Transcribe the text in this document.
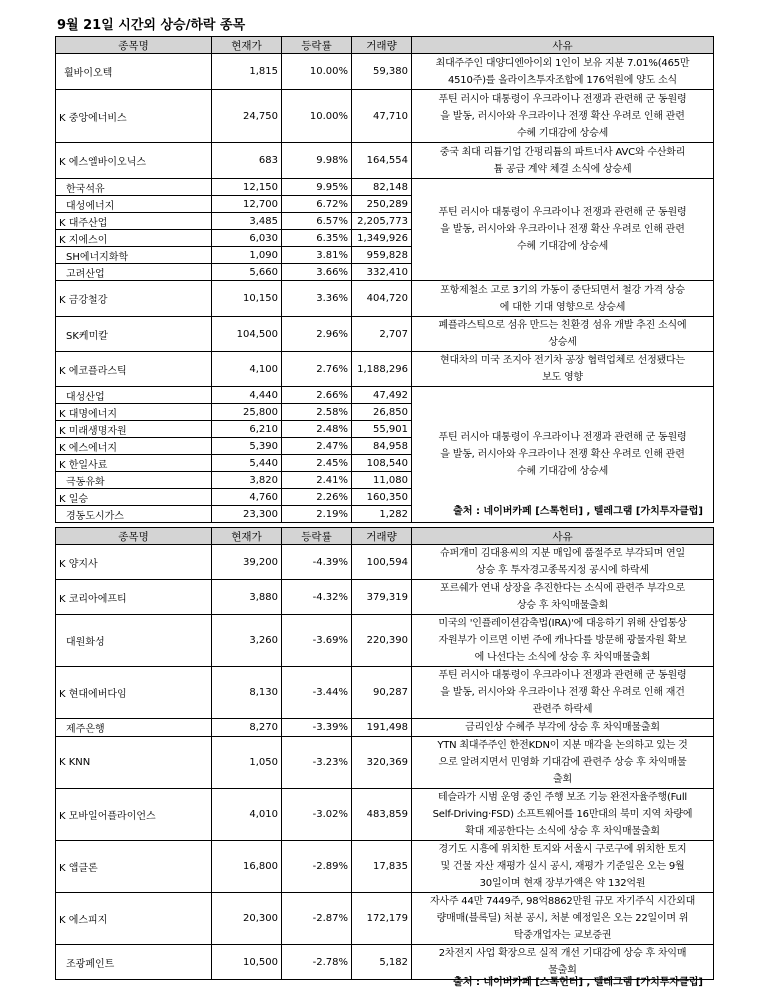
9월 21일 시간외 상승/하락 종목
종목명	현재가	등락률	거래량	사유
휠바이오텍	1,815	10.00%	59,380	최대주주인 대양디엔아이외 1인이 보유 지분 7.01%(465만
4510주)를 올라이츠투자조합에 176억원에 양도 소식
K 중앙에너비스	24,750	10.00%	47,710	푸틴 러시아 대통령이 우크라이나 전쟁과 관련해 군 동원령
을 발동, 러시아와 우크라이나 전쟁 확산 우려로 인해 관련
수혜 기대감에 상승세
K 에스엘바이오닉스	683	9.98%	164,554	중국 최대 리튬기업 간펑리튬의 파트너사 AVC와 수산화리
튬 공급 계약 체결 소식에 상승세
한국석유	12,150	9.95%	82,148	푸틴 러시아 대통령이 우크라이나 전쟁과 관련해 군 동원령
을 발동, 러시아와 우크라이나 전쟁 확산 우려로 인해 관련
수혜 기대감에 상승세
대성에너지	12,700	6.72%	250,289	
K 대주산업	3,485	6.57%	2,205,773	
K 지에스이	6,030	6.35%	1,349,926	
SH에너지화학	1,090	3.81%	959,828	
고려산업	5,660	3.66%	332,410	
K 금강철강	10,150	3.36%	404,720	포항제철소 고로 3기의 가동이 중단되면서 철강 가격 상승
에 대한 기대 영향으로 상승세
SK케미칼	104,500	2.96%	2,707	폐플라스틱으로 섬유 만드는 친환경 섬유 개발 추진 소식에
상승세
K 에코플라스틱	4,100	2.76%	1,188,296	현대차의 미국 조지아 전기차 공장 협력업체로 선정됐다는
보도 영향
대성산업	4,440	2.66%	47,492	푸틴 러시아 대통령이 우크라이나 전쟁과 관련해 군 동원령
을 발동, 러시아와 우크라이나 전쟁 확산 우려로 인해 관련
수혜 기대감에 상승세
K 대명에너지	25,800	2.58%	26,850	
K 미래생명자원	6,210	2.48%	55,901	
K 에스에너지	5,390	2.47%	84,958	
K 한일사료	5,440	2.45%	108,540	
극동유화	3,820	2.41%	11,080	
K 일승	4,760	2.26%	160,350	
경동도시가스	23,300	2.19%	1,282		출처 : 네이버카페 [스톡헌터] , 텔레그램 [가치투자클럽]
종목명	현재가	등락률	거래량	사유
K 양지사	39,200	-4.39%	100,594	슈퍼개미 김대용씨의 지분 매입에 품절주로 부각되며 연일
상승 후 투자경고종목지정 공시에 하락세
K 코리아에프티	3,880	-4.32%	379,319	포르쉐가 연내 상장을 추진한다는 소식에 관련주 부각으로
상승 후 차익매물출회
대원화성	3,260	-3.69%	220,390	미국의 '인플레이션감축법(IRA)'에 대응하기 위해 산업통상
자원부가 이르면 이번 주에 캐나다를 방문해 광물자원 확보
에 나선다는 소식에 상승 후 차익매물출회
K 현대에버다임	8,130	-3.44%	90,287	푸틴 러시아 대통령이 우크라이나 전쟁과 관련해 군 동원령
을 발동, 러시아와 우크라이나 전쟁 확산 우려로 인해 재건
관련주 하락세
제주은행	8,270	-3.39%	191,498	금리인상 수혜주 부각에 상승 후 차익매물출회
K KNN	1,050	-3.23%	320,369	YTN 최대주주인 한전KDN이 지분 매각을 논의하고 있는 것
으로 알려지면서 민영화 기대감에 관련주 상승 후 차익매물
출회
K 모바일어플라이언스	4,010	-3.02%	483,859	테슬라가 시범 운영 중인 주행 보조 기능 완전자율주행(Full
Self-Driving·FSD) 소프트웨어를 16만대의 북미 지역 차량에
확대 제공한다는 소식에 상승 후 차익매물출회
K 앱클론	16,800	-2.89%	17,835	경기도 시흥에 위치한 토지와 서울시 구로구에 위치한 토지
및 건물 자산 재평가 실시 공시, 재평가 기준일은 오는 9월
30일이며 현재 장부가액은 약 132억원
K 에스피지	20,300	-2.87%	172,179	자사주 44만 7449주, 98억8862만원 규모 자기주식 시간외대
량매매(블록딜) 처분 공시, 처분 예정일은 오는 22일이며 위
탁중개업자는 교보증권
조광페인트	10,500	-2.78%	5,182	2차전지 사업 확장으로 실적 개선 기대감에 상승 후 차익매
물출회
출처 : 네이버카페 [스톡헌터] , 텔레그램 [가치투자클럽]
